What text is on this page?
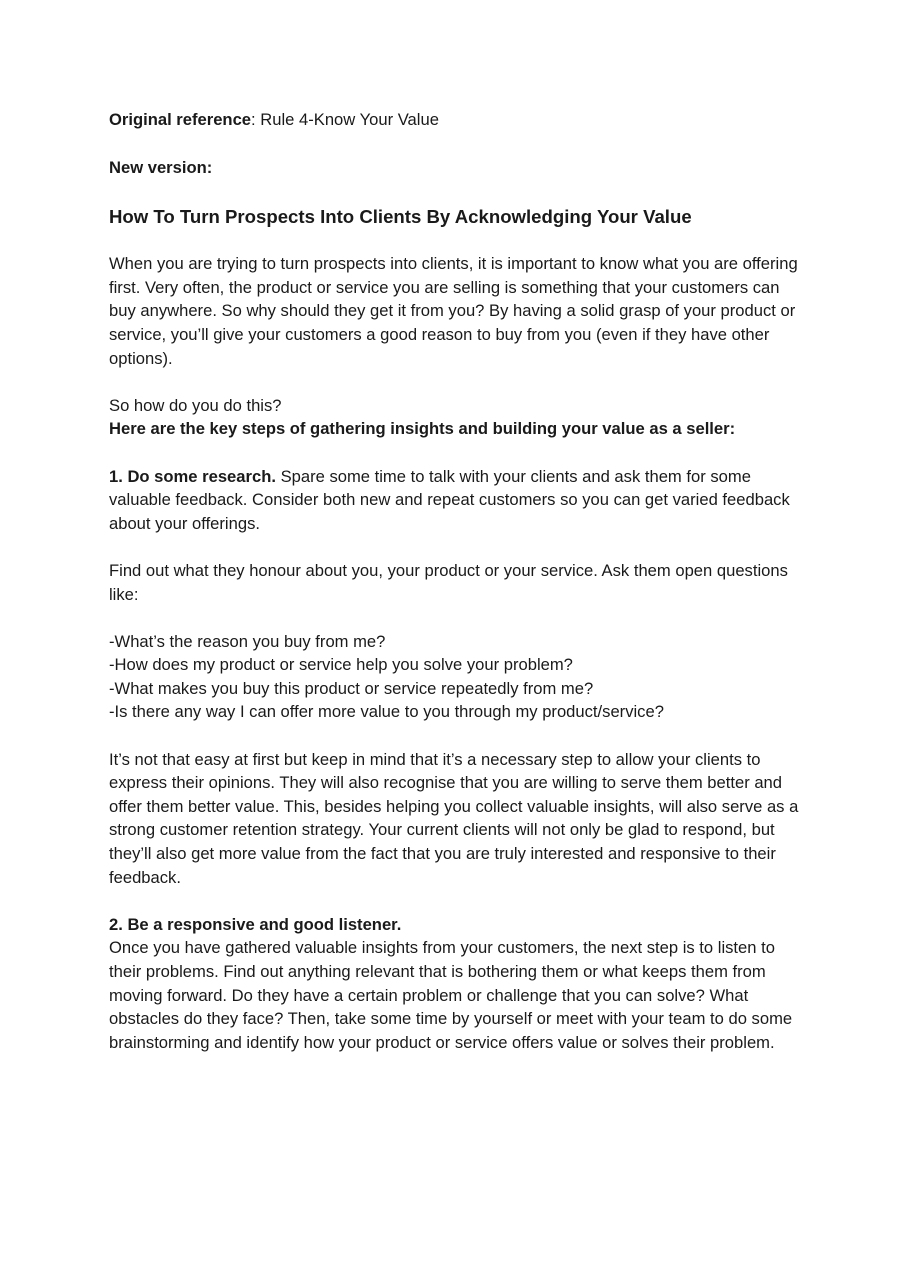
Original reference: Rule 4-Know Your Value

New version:

How To Turn Prospects Into Clients By Acknowledging Your Value

When you are trying to turn prospects into clients, it is important to know what you are offering first. Very often, the product or service you are selling is something that your customers can buy anywhere. So why should they get it from you? By having a solid grasp of your product or service, you’ll give your customers a good reason to buy from you (even if they have other options).

So how do you do this?

Here are the key steps of gathering insights and building your value as a seller:

1. Do some research. Spare some time to talk with your clients and ask them for some valuable feedback. Consider both new and repeat customers so you can get varied feedback about your offerings.

Find out what they honour about you, your product or your service. Ask them open questions like:

-What’s the reason you buy from me?
-How does my product or service help you solve your problem?
-What makes you buy this product or service repeatedly from me?
-Is there any way I can offer more value to you through my product/service?

It’s not that easy at first but keep in mind that it’s a necessary step to allow your clients to express their opinions. They will also recognise that you are willing to serve them better and offer them better value. This, besides helping you collect valuable insights, will also serve as a strong customer retention strategy. Your current clients will not only be glad to respond, but they’ll also get more value from the fact that you are truly interested and responsive to their feedback.

2. Be a responsive and good listener.

Once you have gathered valuable insights from your customers, the next step is to listen to their problems. Find out anything relevant that is bothering them or what keeps them from moving forward. Do they have a certain problem or challenge that you can solve? What obstacles do they face? Then, take some time by yourself or meet with your team to do some brainstorming and identify how your product or service offers value or solves their problem.
